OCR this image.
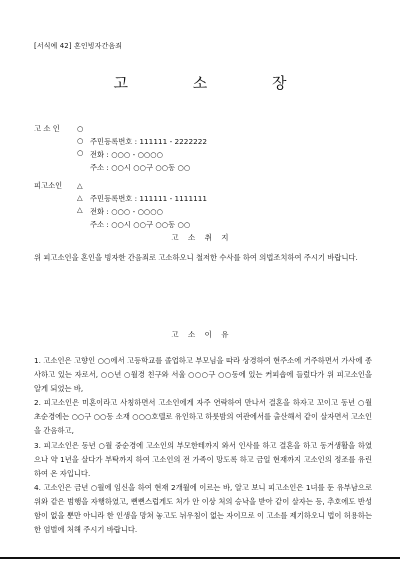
[서식예 42] 혼인빙자간음죄
고 소 장
고 소 인	○ ○ ○
주민등록번호 : 111111 - 2222222
전화 : ○○○ - ○○○○
주소 : ○○시 ○○구 ○○동 ○○
피고소인	△ △ △
주민등록번호 : 111111 - 1111111
전화 : ○○○ - ○○○○
주소 : ○○시 ○○구 ○○동 ○○
고 소 취 지
위 피고소인을 혼인을 빙자한 간음죄로 고소하오니 철저한 수사를 하여 의법조치하여 주시기 바랍니다.
고 소 이 유

1. 고소인은 고향인 ○○에서 고등학교를 졸업하고 부모님을 따라 상경하여 현주소에 거주하면서 가사에 종사하고 있는 자로서, ○○년 ○월경 친구와 서울 ○○○구 ○○동에 있는 커피숍에 들렀다가 위 피고소인을 알게 되었는 바,

2. 피고소인은 미혼이라고 사칭하면서 고소인에게 자주 연락하여 만나서 결혼을 하자고 꼬이고 동년 ○월 초순경에는 ○○구 ○○동 소재 ○○○호텔로 유인하고 하룻밤의 여관에서를 출산해서 같이 살자면서 고소인을 간음하고,

3. 피고소인은 동년 ○월 중순경에 고소인의 부모한테까지 와서 인사를 하고 결혼을 하고 동거생활을 하였으나 약 1년을 살다가 부탁까지 하여 고소인의 전 가족이 망도록 하고 금일 현재까지 고소인의 정조를 유린하여 온 자입니다.

4. 고소인은 금년 ○월에 임신을 하여 현재 2개월에 이르는 바, 알고 보니 피고소인은 1녀를 둔 유부남으로 위와 같은 범행을 자행하였고, 뻔뻔스럽게도 처가 안 이상 처의 승낙을 받아 같이 살자는 등, 추호에도 반성함이 없을 뿐만 아니라 한 인생을 망쳐 놓고도 뉘우침이 없는 자이므로 이 고소를 제기하오니 법이 허용하는 한 엄벌에 처해 주시기 바랍니다.
